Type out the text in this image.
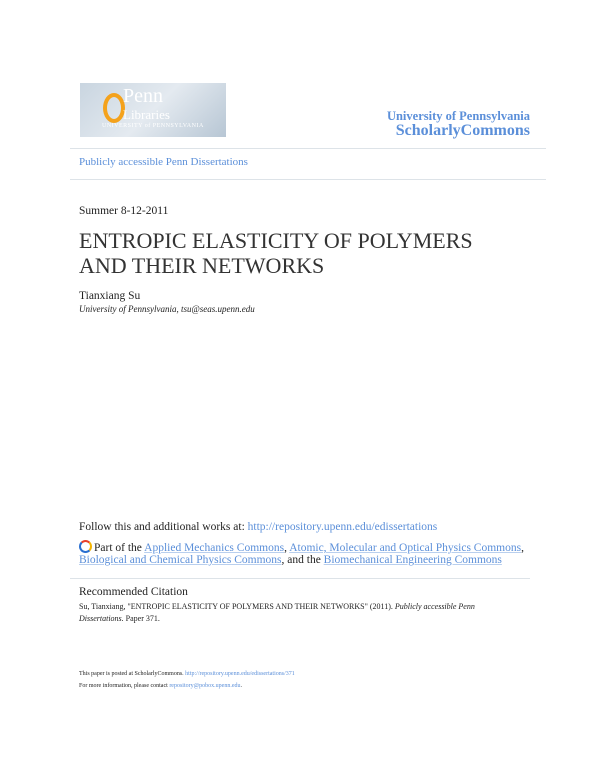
Penn
Libraries
UNIVERSITY of PENNSYLVANIA
University of Pennsylvania
ScholarlyCommons
Publicly accessible Penn Dissertations
Summer 8-12-2011
ENTROPIC ELASTICITY OF POLYMERS
AND THEIR NETWORKS
Tianxiang Su
University of Pennsylvania, tsu@seas.upenn.edu
Follow this and additional works at: http://repository.upenn.edu/edissertations
Part of the Applied Mechanics Commons, Atomic, Molecular and Optical Physics Commons,
Biological and Chemical Physics Commons, and the Biomechanical Engineering Commons
Recommended Citation
Su, Tianxiang, "ENTROPIC ELASTICITY OF POLYMERS AND THEIR NETWORKS" (2011). Publicly accessible Penn
Dissertations. Paper 371.
This paper is posted at ScholarlyCommons. http://repository.upenn.edu/edissertations/371
For more information, please contact repository@pobox.upenn.edu.
